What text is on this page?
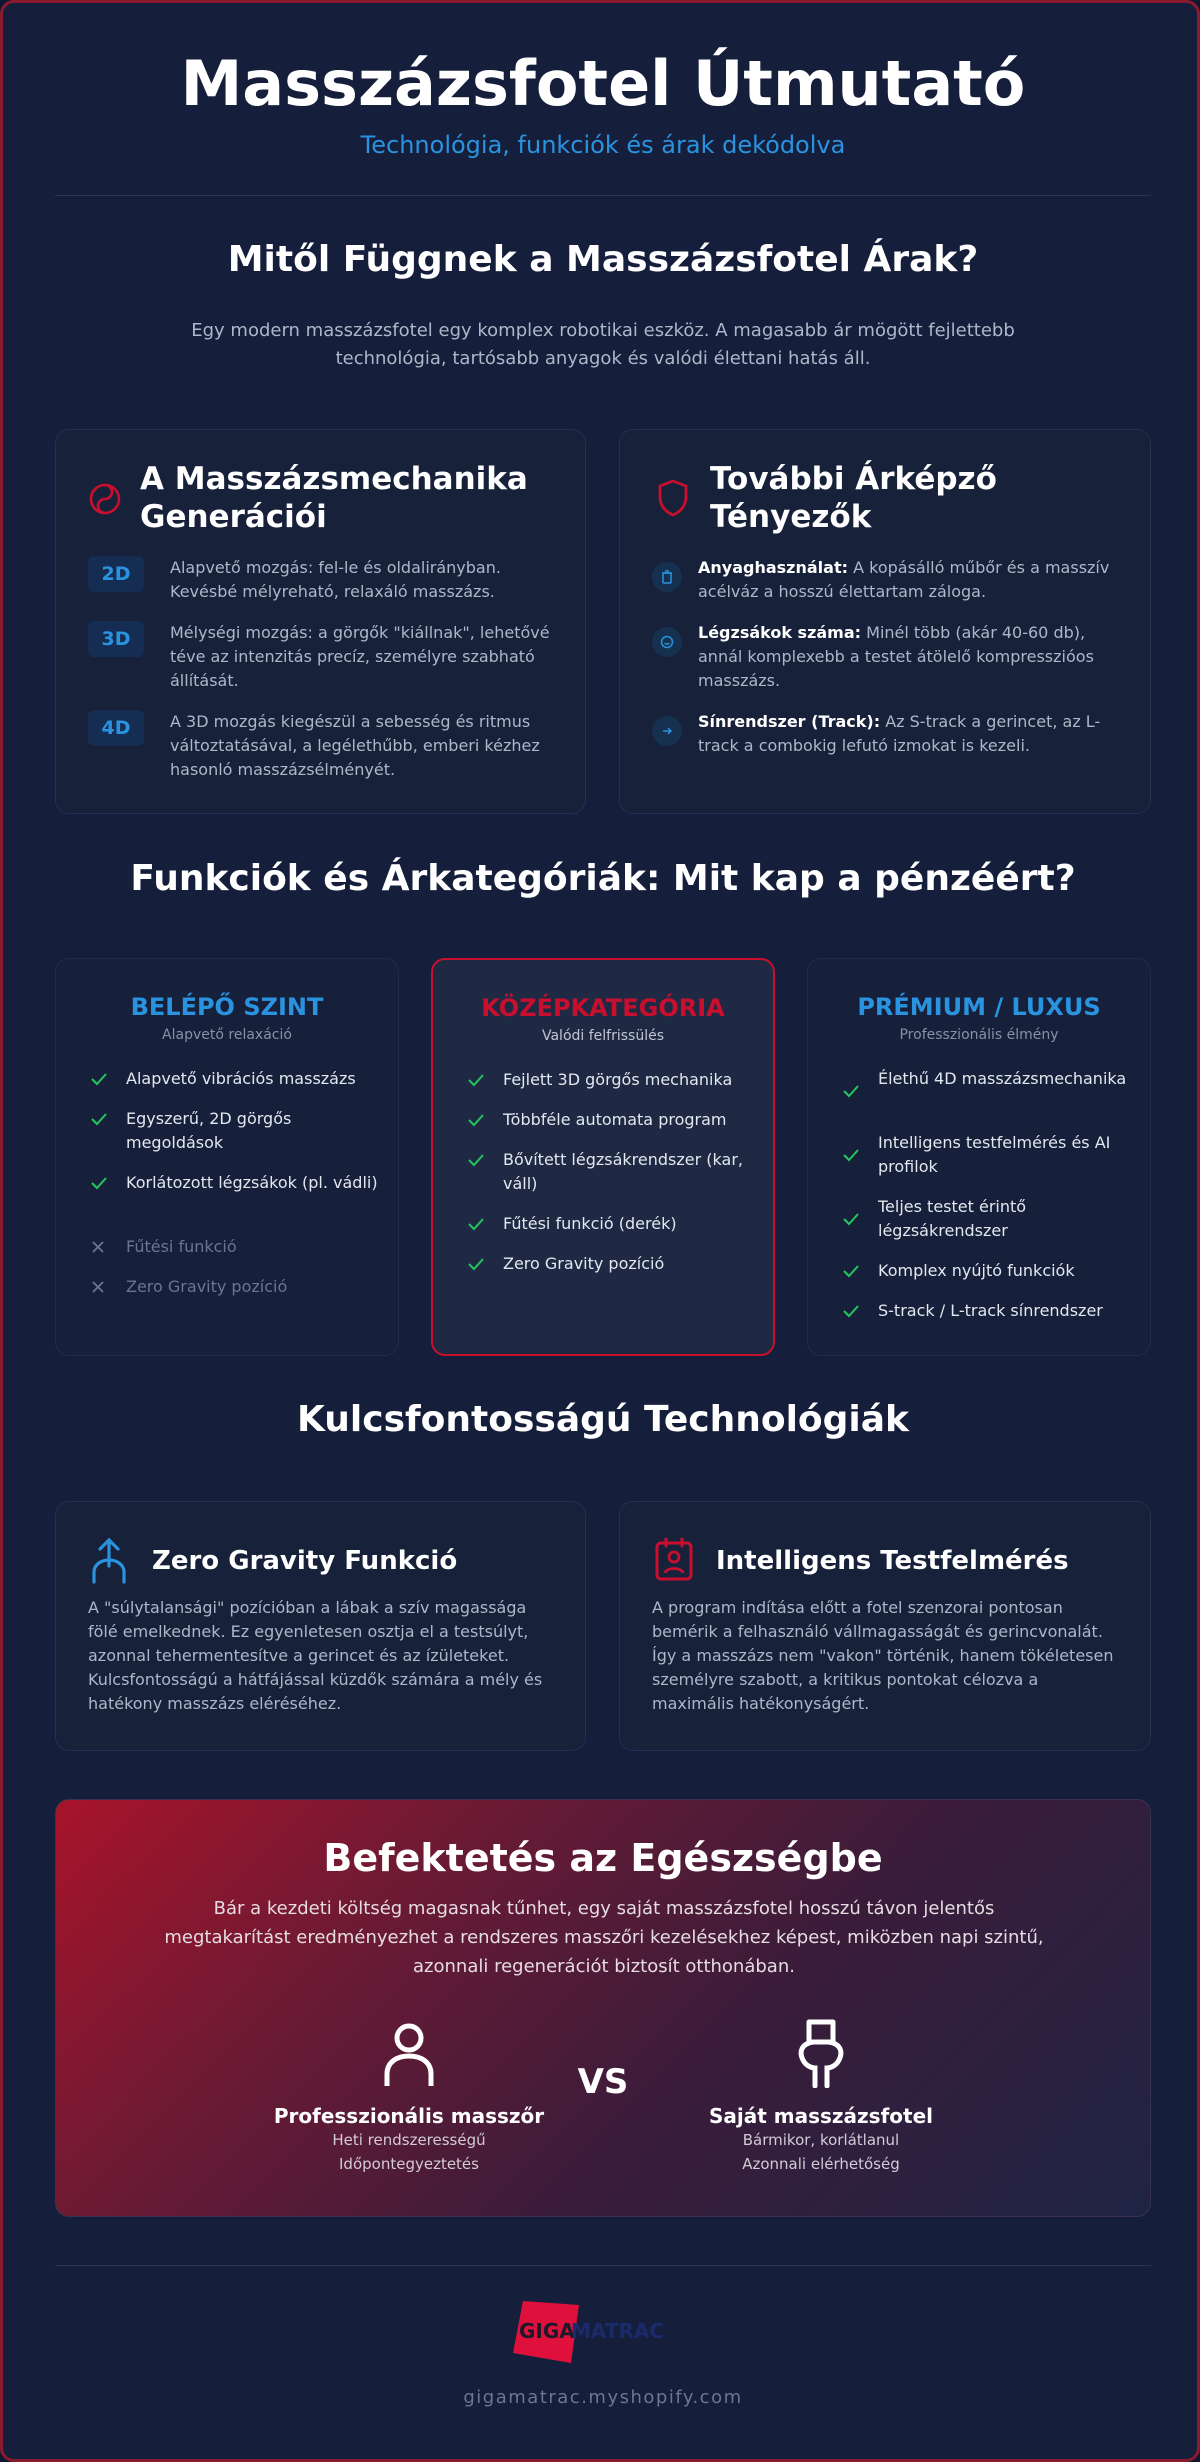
Masszázsfotel Útmutató
Technológia, funkciók és árak dekódolva
Mitől Függnek a Masszázsfotel Árak?
Egy modern masszázsfotel egy komplex robotikai eszköz. A magasabb ár mögött fejlettebb technológia, tartósabb anyagok és valódi élettani hatás áll.
A Masszázsmechanika
Generációi
2D	Alapvető mozgás: fel-le és oldalirányban. Kevésbé mélyreható, relaxáló masszázs.
3D	Mélységi mozgás: a görgők "kiállnak", lehetővé téve az intenzitás precíz, személyre szabható állítását.
4D	A 3D mozgás kiegészül a sebesség és ritmus változtatásával, a legélethűbb, emberi kézhez hasonló masszázsélményét.
További Árképző
Tényezők
Anyaghasználat: A kopásálló műbőr és a masszív acélváz a hosszú élettartam záloga.
Légzsákok száma: Minél több (akár 40-60 db), annál komplexebb a testet átölelő kompresszióos masszázs.
Sínrendszer (Track): Az S-track a gerincet, az L-track a combokig lefutó izmokat is kezeli.
Funkciók és Árkategóriák: Mit kap a pénzéért?
BELÉPŐ SZINT
Alapvető relaxáció
Alapvető vibrációs masszázs
Egyszerű, 2D görgős megoldások
Korlátozott légzsákok (pl. vádli)
Fűtési funkció
Zero Gravity pozíció
KÖZÉPKATEGÓRIA
Valódi felfrissülés
Fejlett 3D görgős mechanika
Többféle automata program
Bővített légzsákrendszer (kar, váll)
Fűtési funkció (derék)
Zero Gravity pozíció
PRÉMIUM / LUXUS
Professzionális élmény
Élethű 4D masszázsmechanika
Intelligens testfelmérés és AI profilok
Teljes testet érintő légzsákrendszer
Komplex nyújtó funkciók
S-track / L-track sínrendszer
Kulcsfontosságú Technológiák
Zero Gravity Funkció
A "súlytalansági" pozícióban a lábak a szív magassága fölé emelkednek. Ez egyenletesen osztja el a testsúlyt, azonnal tehermentesítve a gerincet és az ízületeket. Kulcsfontosságú a hátfájással küzdők számára a mély és hatékony masszázs eléréséhez.
Intelligens Testfelmérés
A program indítása előtt a fotel szenzorai pontosan bemérik a felhasználó vállmagasságát és gerincvonalát. Így a masszázs nem "vakon" történik, hanem tökéletesen személyre szabott, a kritikus pontokat célozva a maximális hatékonyságért.
Befektetés az Egészségbe
Bár a kezdeti költség magasnak tűnhet, egy saját masszázsfotel hosszú távon jelentős megtakarítást eredményezhet a rendszeres masszőri kezelésekhez képest, miközben napi szintű, azonnali regenerációt biztosít otthonában.
Professzionális masszőr
Heti rendszerességű
Időpontegyeztetés
VS
Saját masszázsfotel
Bármikor, korlátlanul
Azonnali elérhetőség
GIGA
MATRAC
gigamatrac.myshopify.com
